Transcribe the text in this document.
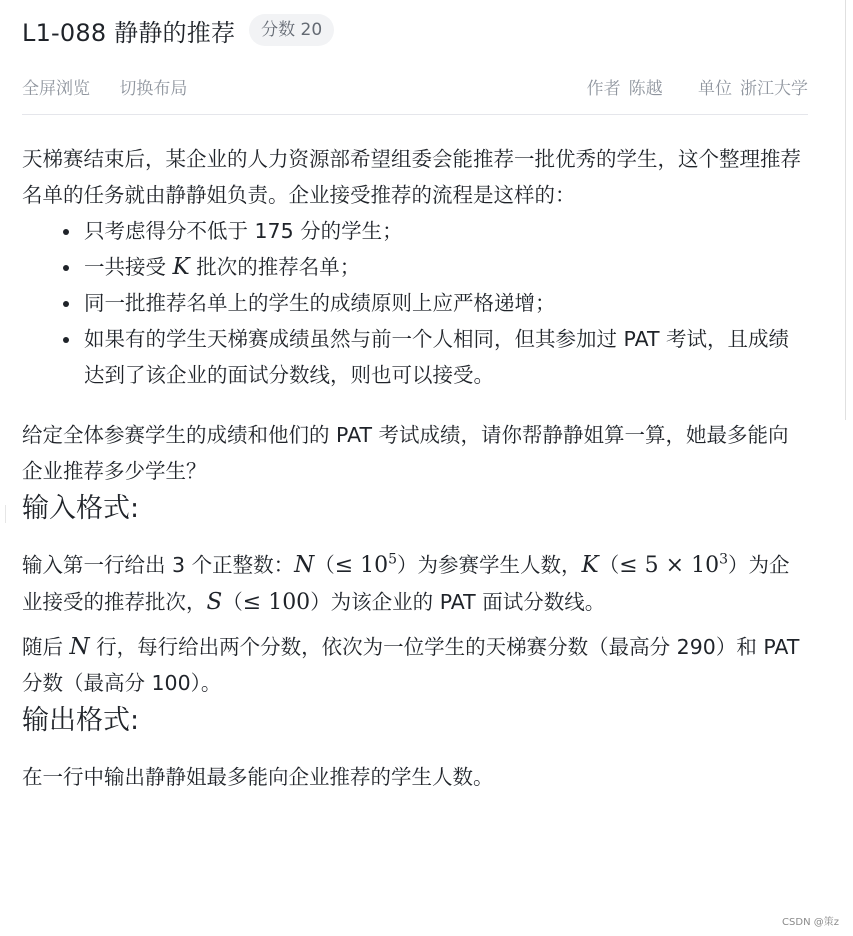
L1-088 静静的推荐	分数 20
全屏浏览 切换布局	作者 陈越 单位 浙江大学

天梯赛结束后，某企业的人力资源部希望组委会能推荐一批优秀的学生，这个整理推荐名单的任务就由静静姐负责。企业接受推荐的流程是这样的：

• 只考虑得分不低于 175 分的学生；
• 一共接受 K 批次的推荐名单；
• 同一批推荐名单上的学生的成绩原则上应严格递增；
• 如果有的学生天梯赛成绩虽然与前一个人相同，但其参加过 PAT 考试，且成绩达到了该企业的面试分数线，则也可以接受。

给定全体参赛学生的成绩和他们的 PAT 考试成绩，请你帮静静姐算一算，她最多能向企业推荐多少学生？

输入格式:

输入第一行给出 3 个正整数：$N(\le 10^5)$为参赛学生人数，$K(\le 5 \times 10^3)$为企业接受的推荐批次，S（≤ 100）为该企业的 PAT 面试分数线。

随后 N 行，每行给出两个分数，依次为一位学生的天梯赛分数（最高分 290）和 PAT 分数（最高分 100）。

输出格式:

在一行中输出静静姐最多能向企业推荐的学生人数。

CSDN @策z
